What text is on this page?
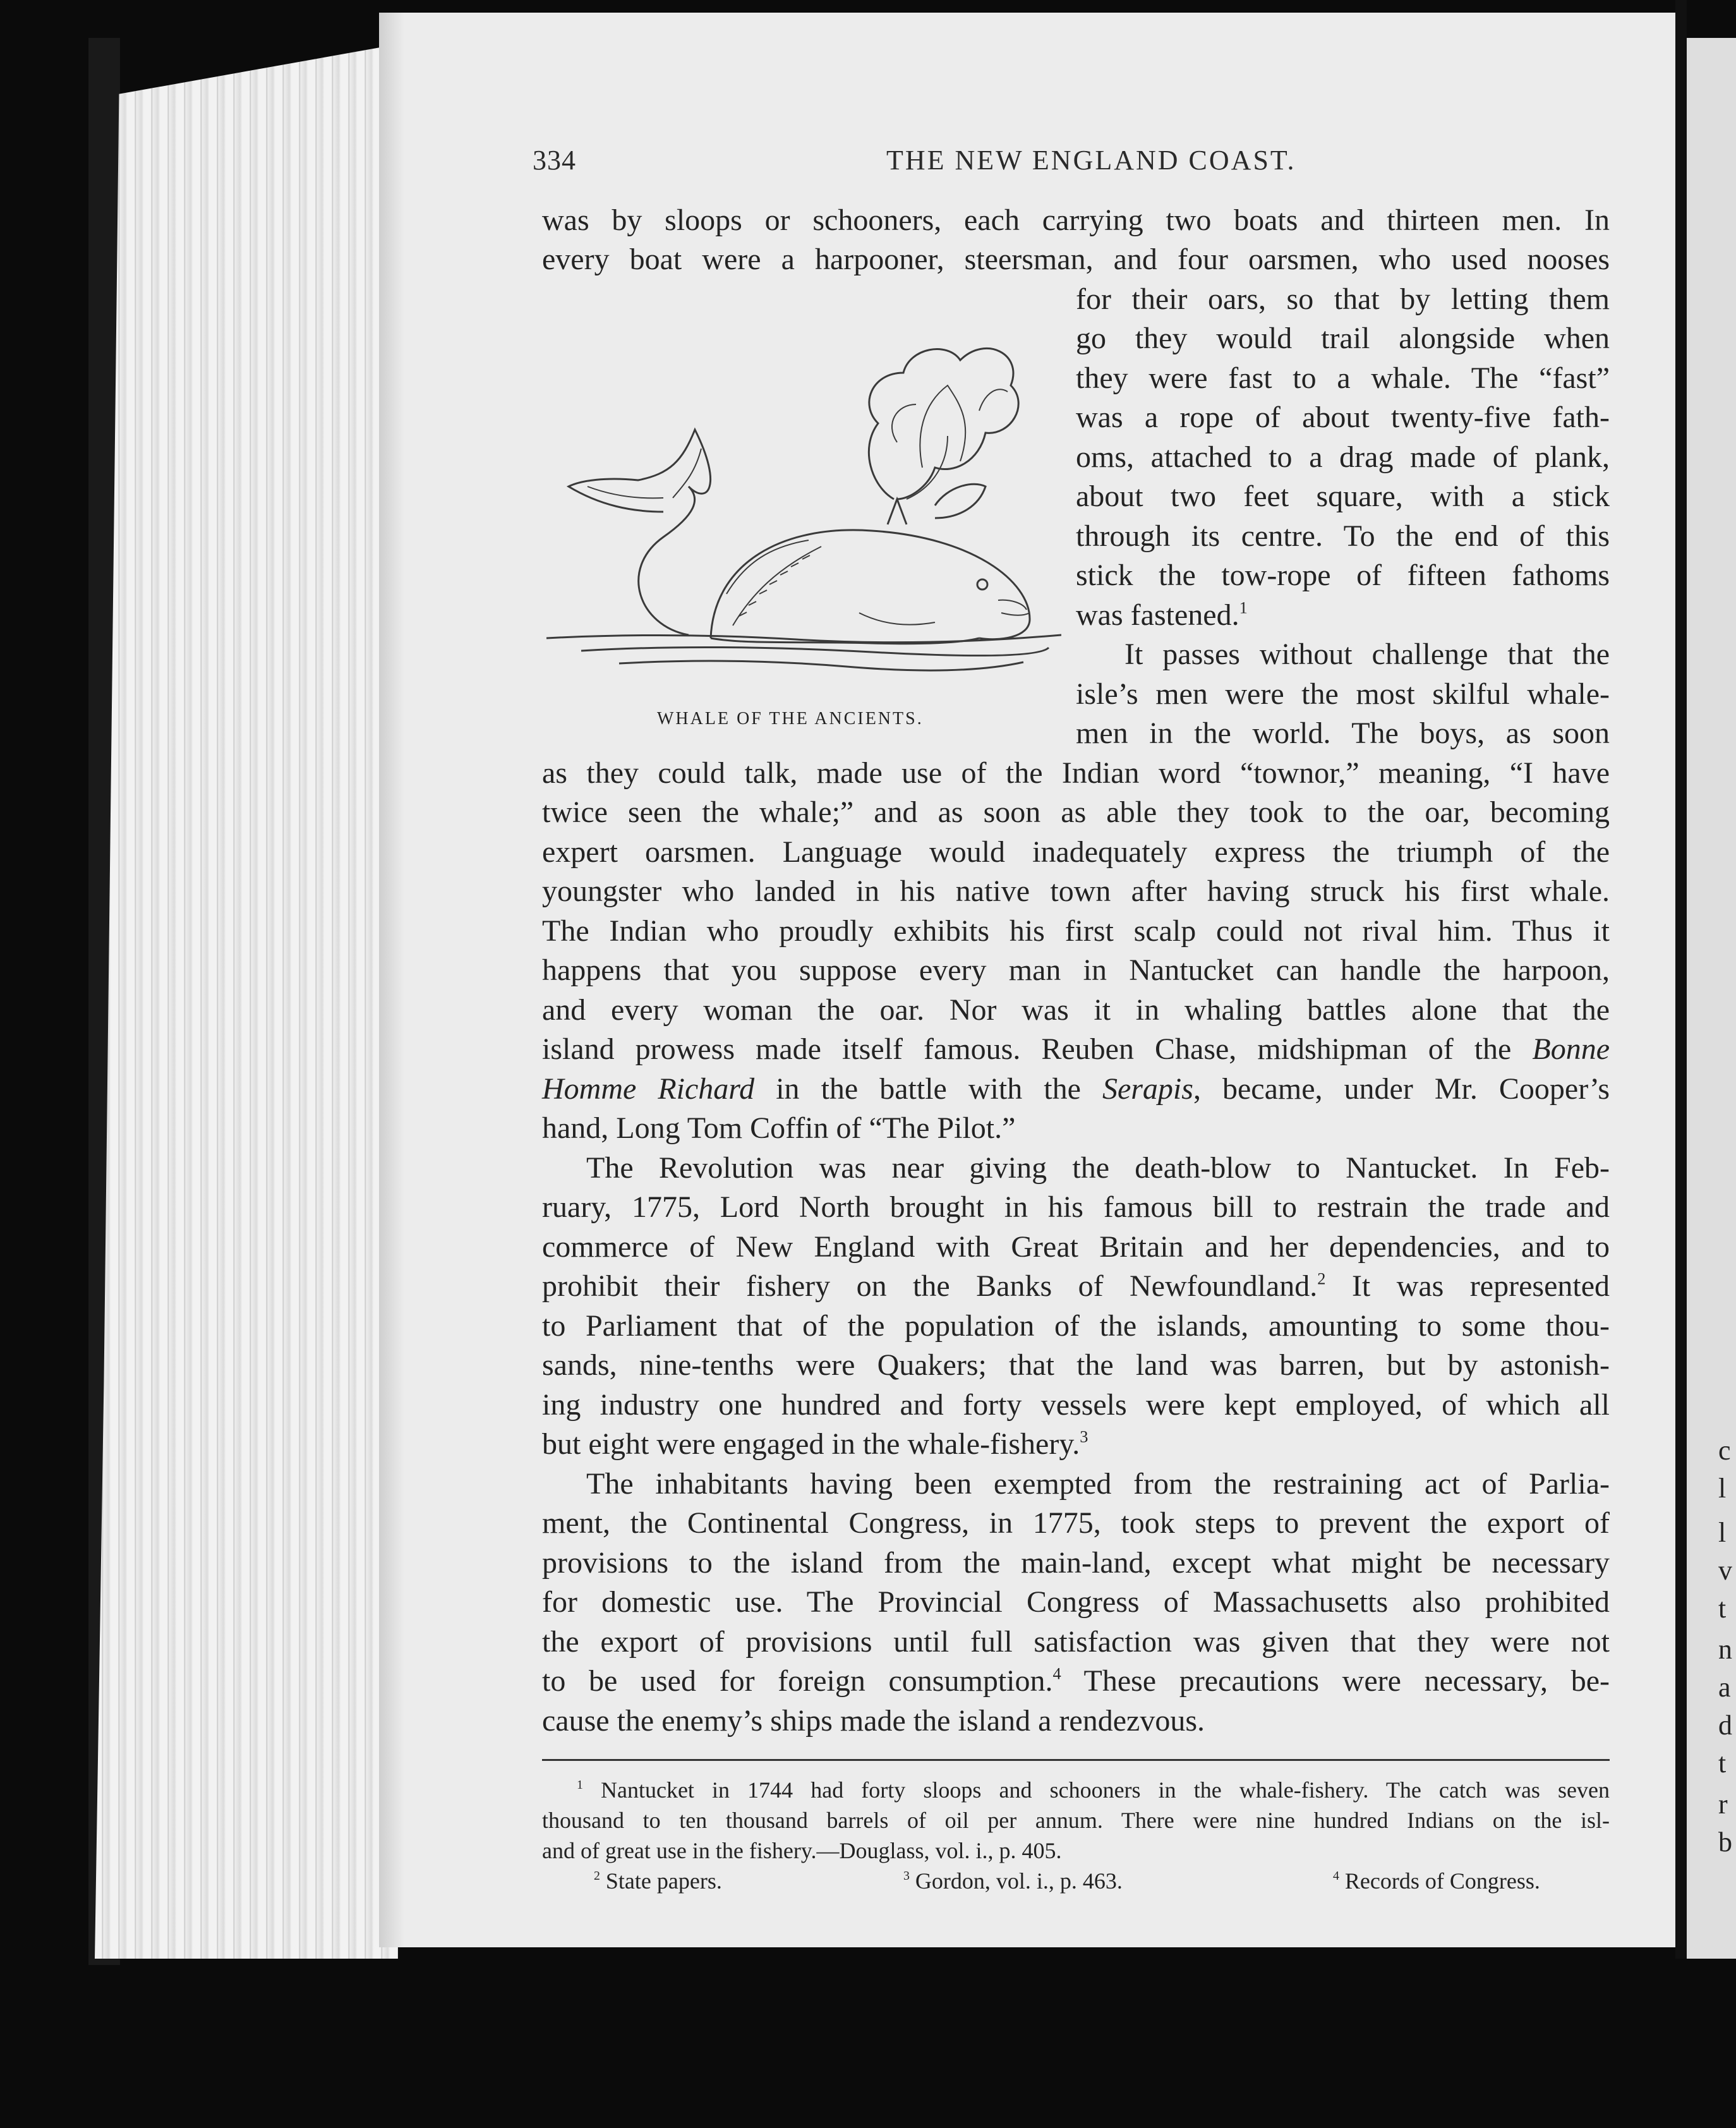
c
l
l
v
t
n
a
d
t
r
b
334	THE NEW ENGLAND COAST.
WHALE OF THE ANCIENTS.
was by sloops or schooners, each carrying two boats and thirteen men. In
every boat were a harpooner, steersman, and four oarsmen, who used nooses
for their oars, so that by letting them
go they would trail alongside when
they were fast to a whale. The “fast”
was a rope of about twenty-five fath-
oms, attached to a drag made of plank,
about two feet square, with a stick
through its centre. To the end of this
stick the tow-rope of fifteen fathoms
was fastened.$^1$
It passes without challenge that the
isle’s men were the most skilful whale-
men in the world. The boys, as soon
as they could talk, made use of the Indian word “townor,” meaning, “I have
twice seen the whale;” and as soon as able they took to the oar, becoming
expert oarsmen. Language would inadequately express the triumph of the
youngster who landed in his native town after having struck his first whale.
The Indian who proudly exhibits his first scalp could not rival him. Thus it
happens that you suppose every man in Nantucket can handle the harpoon,
and every woman the oar. Nor was it in whaling battles alone that the
island prowess made itself famous. Reuben Chase, midshipman of the Bonne
Homme Richard in the battle with the Serapis, became, under Mr. Cooper’s
hand, Long Tom Coffin of “The Pilot.”
The Revolution was near giving the death-blow to Nantucket. In Feb-
ruary, 1775, Lord North brought in his famous bill to restrain the trade and
commerce of New England with Great Britain and her dependencies, and to
prohibit their fishery on the Banks of Newfoundland.$^2$ It was represented
to Parliament that of the population of the islands, amounting to some thou-
sands, nine-tenths were Quakers; that the land was barren, but by astonish-
ing industry one hundred and forty vessels were kept employed, of which all
but eight were engaged in the whale-fishery.$^3$
The inhabitants having been exempted from the restraining act of Parlia-
ment, the Continental Congress, in 1775, took steps to prevent the export of
provisions to the island from the main-land, except what might be necessary
for domestic use. The Provincial Congress of Massachusetts also prohibited
the export of provisions until full satisfaction was given that they were not
to be used for foreign consumption.$^4$ These precautions were necessary, be-
cause the enemy’s ships made the island a rendezvous.
$^1$ Nantucket in 1744 had forty sloops and schooners in the whale-fishery. The catch was seven
thousand to ten thousand barrels of oil per annum. There were nine hundred Indians on the isl-
and of great use in the fishery.—Douglass, vol. i., p. 405.
$^2$ State papers.	$^3$ Gordon, vol. i., p. 463.	$^4$ Records of Congress.
